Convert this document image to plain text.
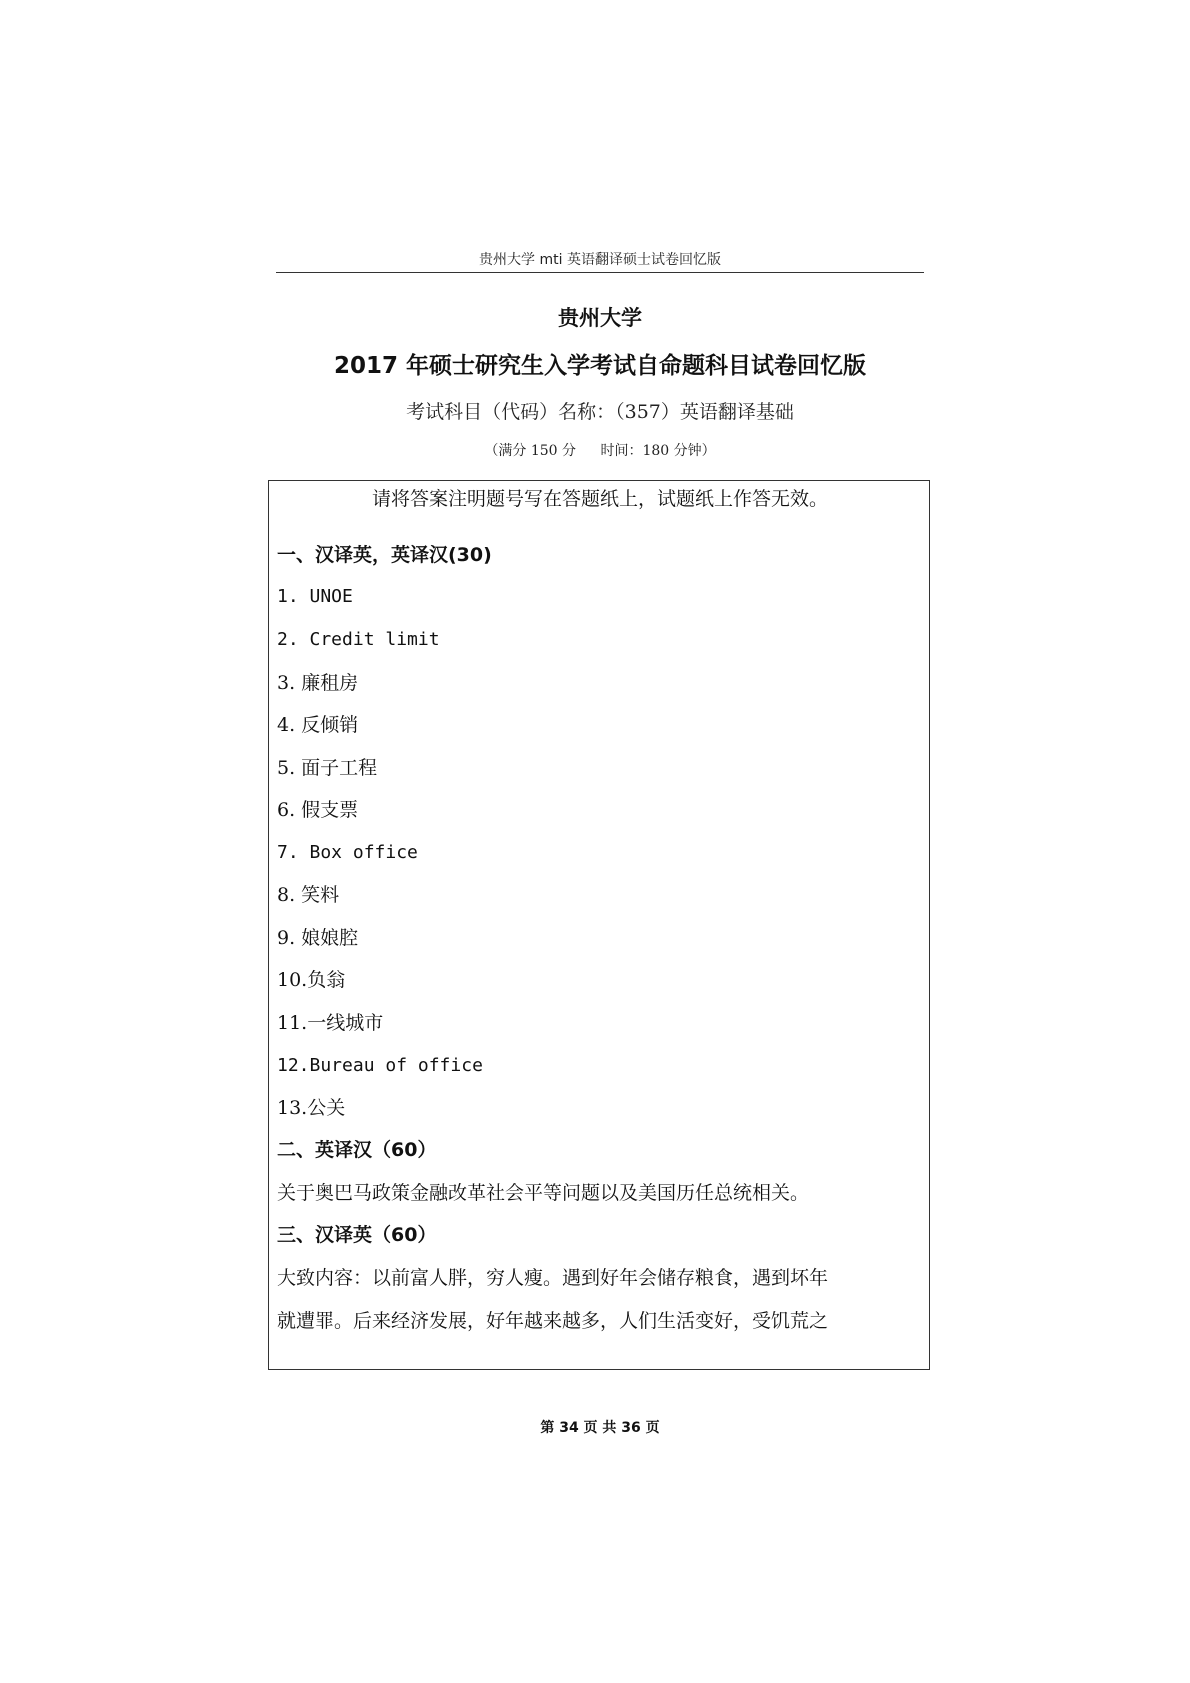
贵州大学 mti 英语翻译硕士试卷回忆版
贵州大学
2017 年硕士研究生入学考试自命题科目试卷回忆版
考试科目（代码）名称：（357）英语翻译基础
（满分 150 分 时间：180 分钟）
请将答案注明题号写在答题纸上，试题纸上作答无效。
一、汉译英，英译汉(30)
1. UNOE
2. Credit limit
3. 廉租房
4. 反倾销
5. 面子工程
6. 假支票
7. Box office
8. 笑料
9. 娘娘腔
10.负翁
11.一线城市
12.Bureau of office
13.公关
二、英译汉（60）
关于奥巴马政策金融改革社会平等问题以及美国历任总统相关。
三、汉译英（60）
大致内容：以前富人胖，穷人瘦。遇到好年会储存粮食，遇到坏年
就遭罪。后来经济发展，好年越来越多，人们生活变好，受饥荒之
第 34 页 共 36 页
